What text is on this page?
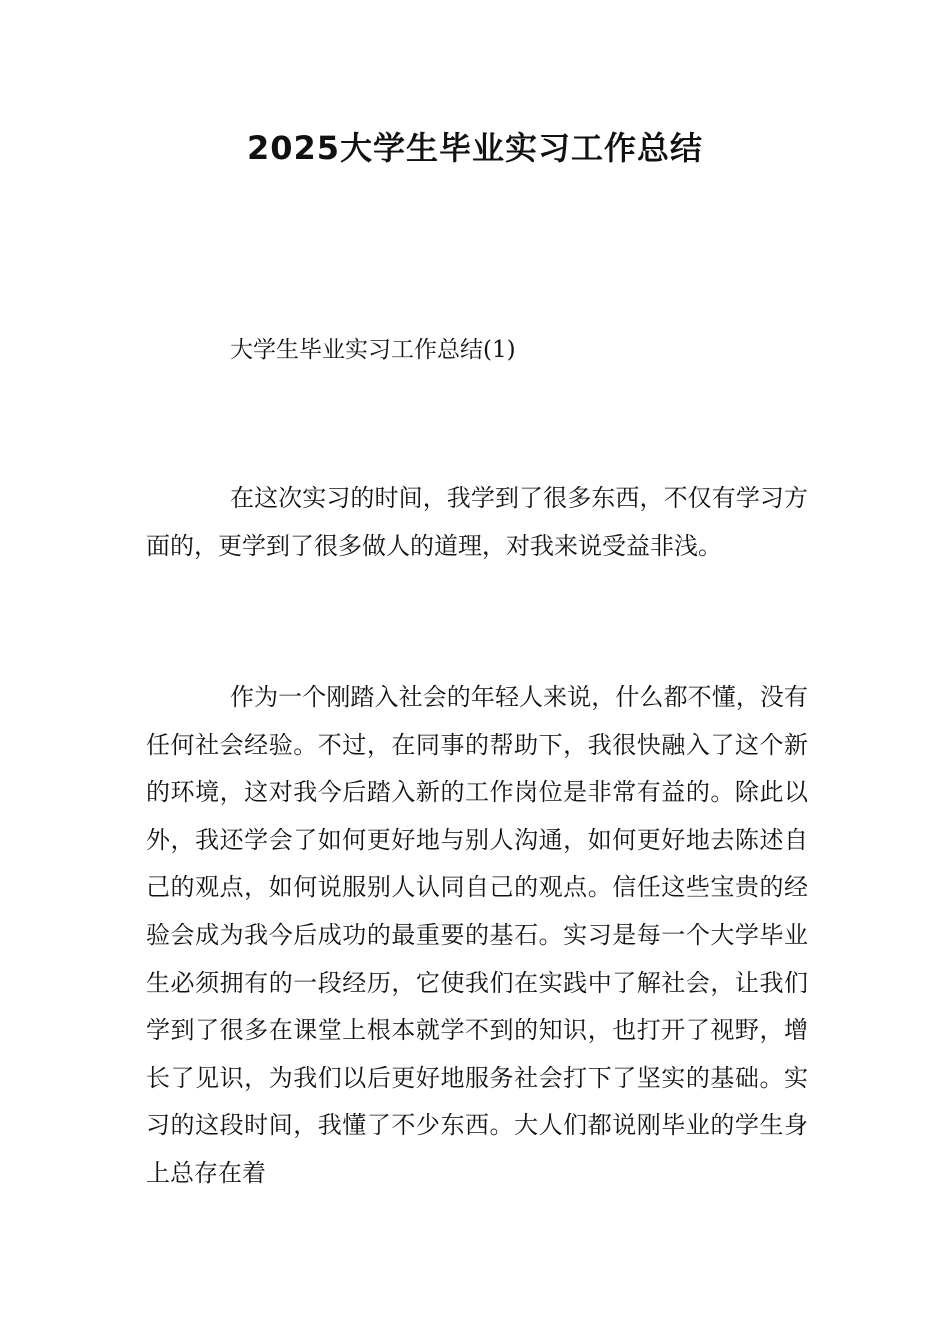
2025大学生毕业实习工作总结

大学生毕业实习工作总结(1)

在这次实习的时间，我学到了很多东西，不仅有学习方面的，更学到了很多做人的道理，对我来说受益非浅。

作为一个刚踏入社会的年轻人来说，什么都不懂，没有任何社会经验。不过，在同事的帮助下，我很快融入了这个新的环境，这对我今后踏入新的工作岗位是非常有益的。除此以外，我还学会了如何更好地与别人沟通，如何更好地去陈述自己的观点，如何说服别人认同自己的观点。信任这些宝贵的经验会成为我今后成功的最重要的基石。实习是每一个大学毕业生必须拥有的一段经历，它使我们在实践中了解社会，让我们学到了很多在课堂上根本就学不到的知识，也打开了视野，增长了见识，为我们以后更好地服务社会打下了坚实的基础。实习的这段时间，我懂了不少东西。大人们都说刚毕业的学生身上总存在着
